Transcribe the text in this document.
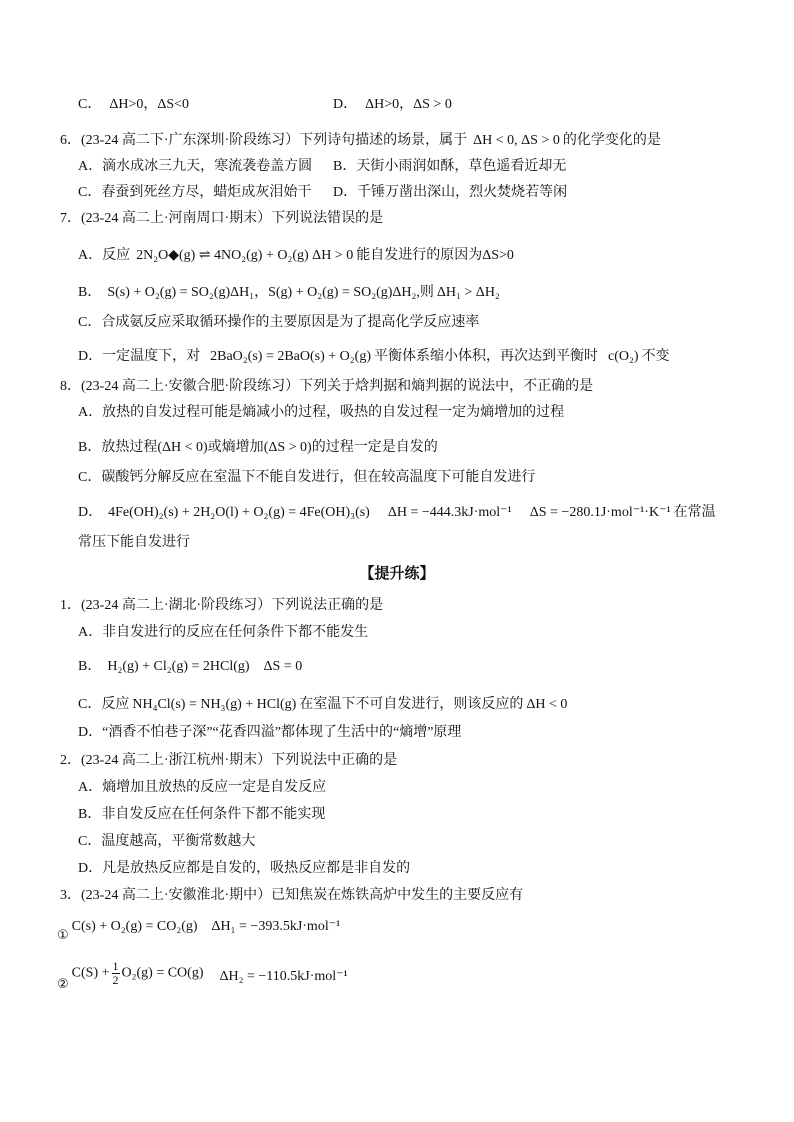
C． ΔH>0，ΔS<0	D． ΔH>0，ΔS > 0
6．(23-24 高二下·广东深圳·阶段练习）下列诗句描述的场景，属于 ΔH < 0, ΔS > 0 的化学变化的是
A．滴水成冰三九天，寒流袭卷盖方圆 B．天街小雨润如酥，草色遥看近却无
C．春蚕到死丝方尽，蜡炬成灰泪始干 D．千锤万凿出深山，烈火焚烧若等闲
7．(23-24 高二上·河南周口·期末）下列说法错误的是
A．反应 2N₂O◆(g) ⇌ 4NO₂(g) + O₂(g) ΔH > 0 能自发进行的原因为ΔS>0
B． S(s) + O₂(g) = SO₂(g)ΔH₁，S(g) + O₂(g) = SO₂(g)ΔH₂,则 ΔH₁ > ΔH₂
C．合成氨反应采取循环操作的主要原因是为了提高化学反应速率
D．一定温度下，对 2BaO₂(s) = 2BaO(s) + O₂(g) 平衡体系缩小体积，再次达到平衡时 c(O₂) 不变
8．(23-24 高二上·安徽合肥·阶段练习）下列关于焓判据和熵判据的说法中，不正确的是
A．放热的自发过程可能是熵减小的过程，吸热的自发过程一定为熵增加的过程
B．放热过程(ΔH < 0)或熵增加(ΔS > 0)的过程一定是自发的
C．碳酸钙分解反应在室温下不能自发进行，但在较高温度下可能自发进行
D． 4Fe(OH)₂(s) + 2H₂O(l) + O₂(g) = 4Fe(OH)₃(s) ΔH = −444.3kJ·mol⁻¹ ΔS = −280.1J·mol⁻¹·K⁻¹ 在常温
常压下能自发进行
【提升练】
1．(23-24 高二上·湖北·阶段练习）下列说法正确的是
A．非自发进行的反应在任何条件下都不能发生
B． H₂(g) + Cl₂(g) = 2HCl(g) ΔS = 0
C．反应 NH₄Cl(s) = NH₃(g) + HCl(g) 在室温下不可自发进行，则该反应的 ΔH < 0
D．“酒香不怕巷子深”“花香四溢”都体现了生活中的“熵增”原理
2．(23-24 高二上·浙江杭州·期末）下列说法中正确的是
A．熵增加且放热的反应一定是自发反应
B．非自发反应在任何条件下都不能实现
C．温度越高，平衡常数越大
D．凡是放热反应都是自发的，吸热反应都是非自发的
3．(23-24 高二上·安徽淮北·期中）已知焦炭在炼铁高炉中发生的主要反应有
①C(s) + O₂(g) = CO₂(g) ΔH₁ = −393.5kJ·mol⁻¹
②C(S) + $\frac{1}{2} O_2(g) = CO(g) \Delta H_2 = -110.5kJ\cdot mol^{-1}$
